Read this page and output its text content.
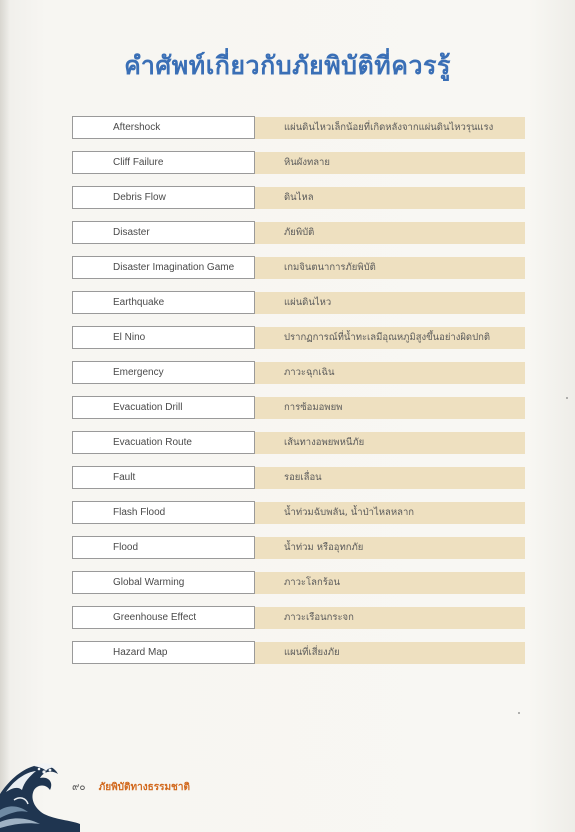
คำศัพท์เกี่ยวกับภัยพิบัติที่ควรรู้
Aftershock	แผ่นดินไหวเล็กน้อยที่เกิดหลังจากแผ่นดินไหวรุนแรง
Cliff Failure	หินผังทลาย
Debris Flow	ดินไหล
Disaster	ภัยพิบัติ
Disaster Imagination Game	เกมจินตนาการภัยพิบัติ
Earthquake	แผ่นดินไหว
El Nino	ปรากฏการณ์ที่น้ำทะเลมีอุณหภูมิสูงขึ้นอย่างผิดปกติ
Emergency	ภาวะฉุกเฉิน
Evacuation Drill	การซ้อมอพยพ
Evacuation Route	เส้นทางอพยพหนีภัย
Fault	รอยเลื่อน
Flash Flood	น้ำท่วมฉับพลัน, น้ำป่าไหลหลาก
Flood	น้ำท่วม หรืออุทกภัย
Global Warming	ภาวะโลกร้อน
Greenhouse Effect	ภาวะเรือนกระจก
Hazard Map	แผนที่เสี่ยงภัย
๙๐ ภัยพิบัติทางธรรมชาติ
